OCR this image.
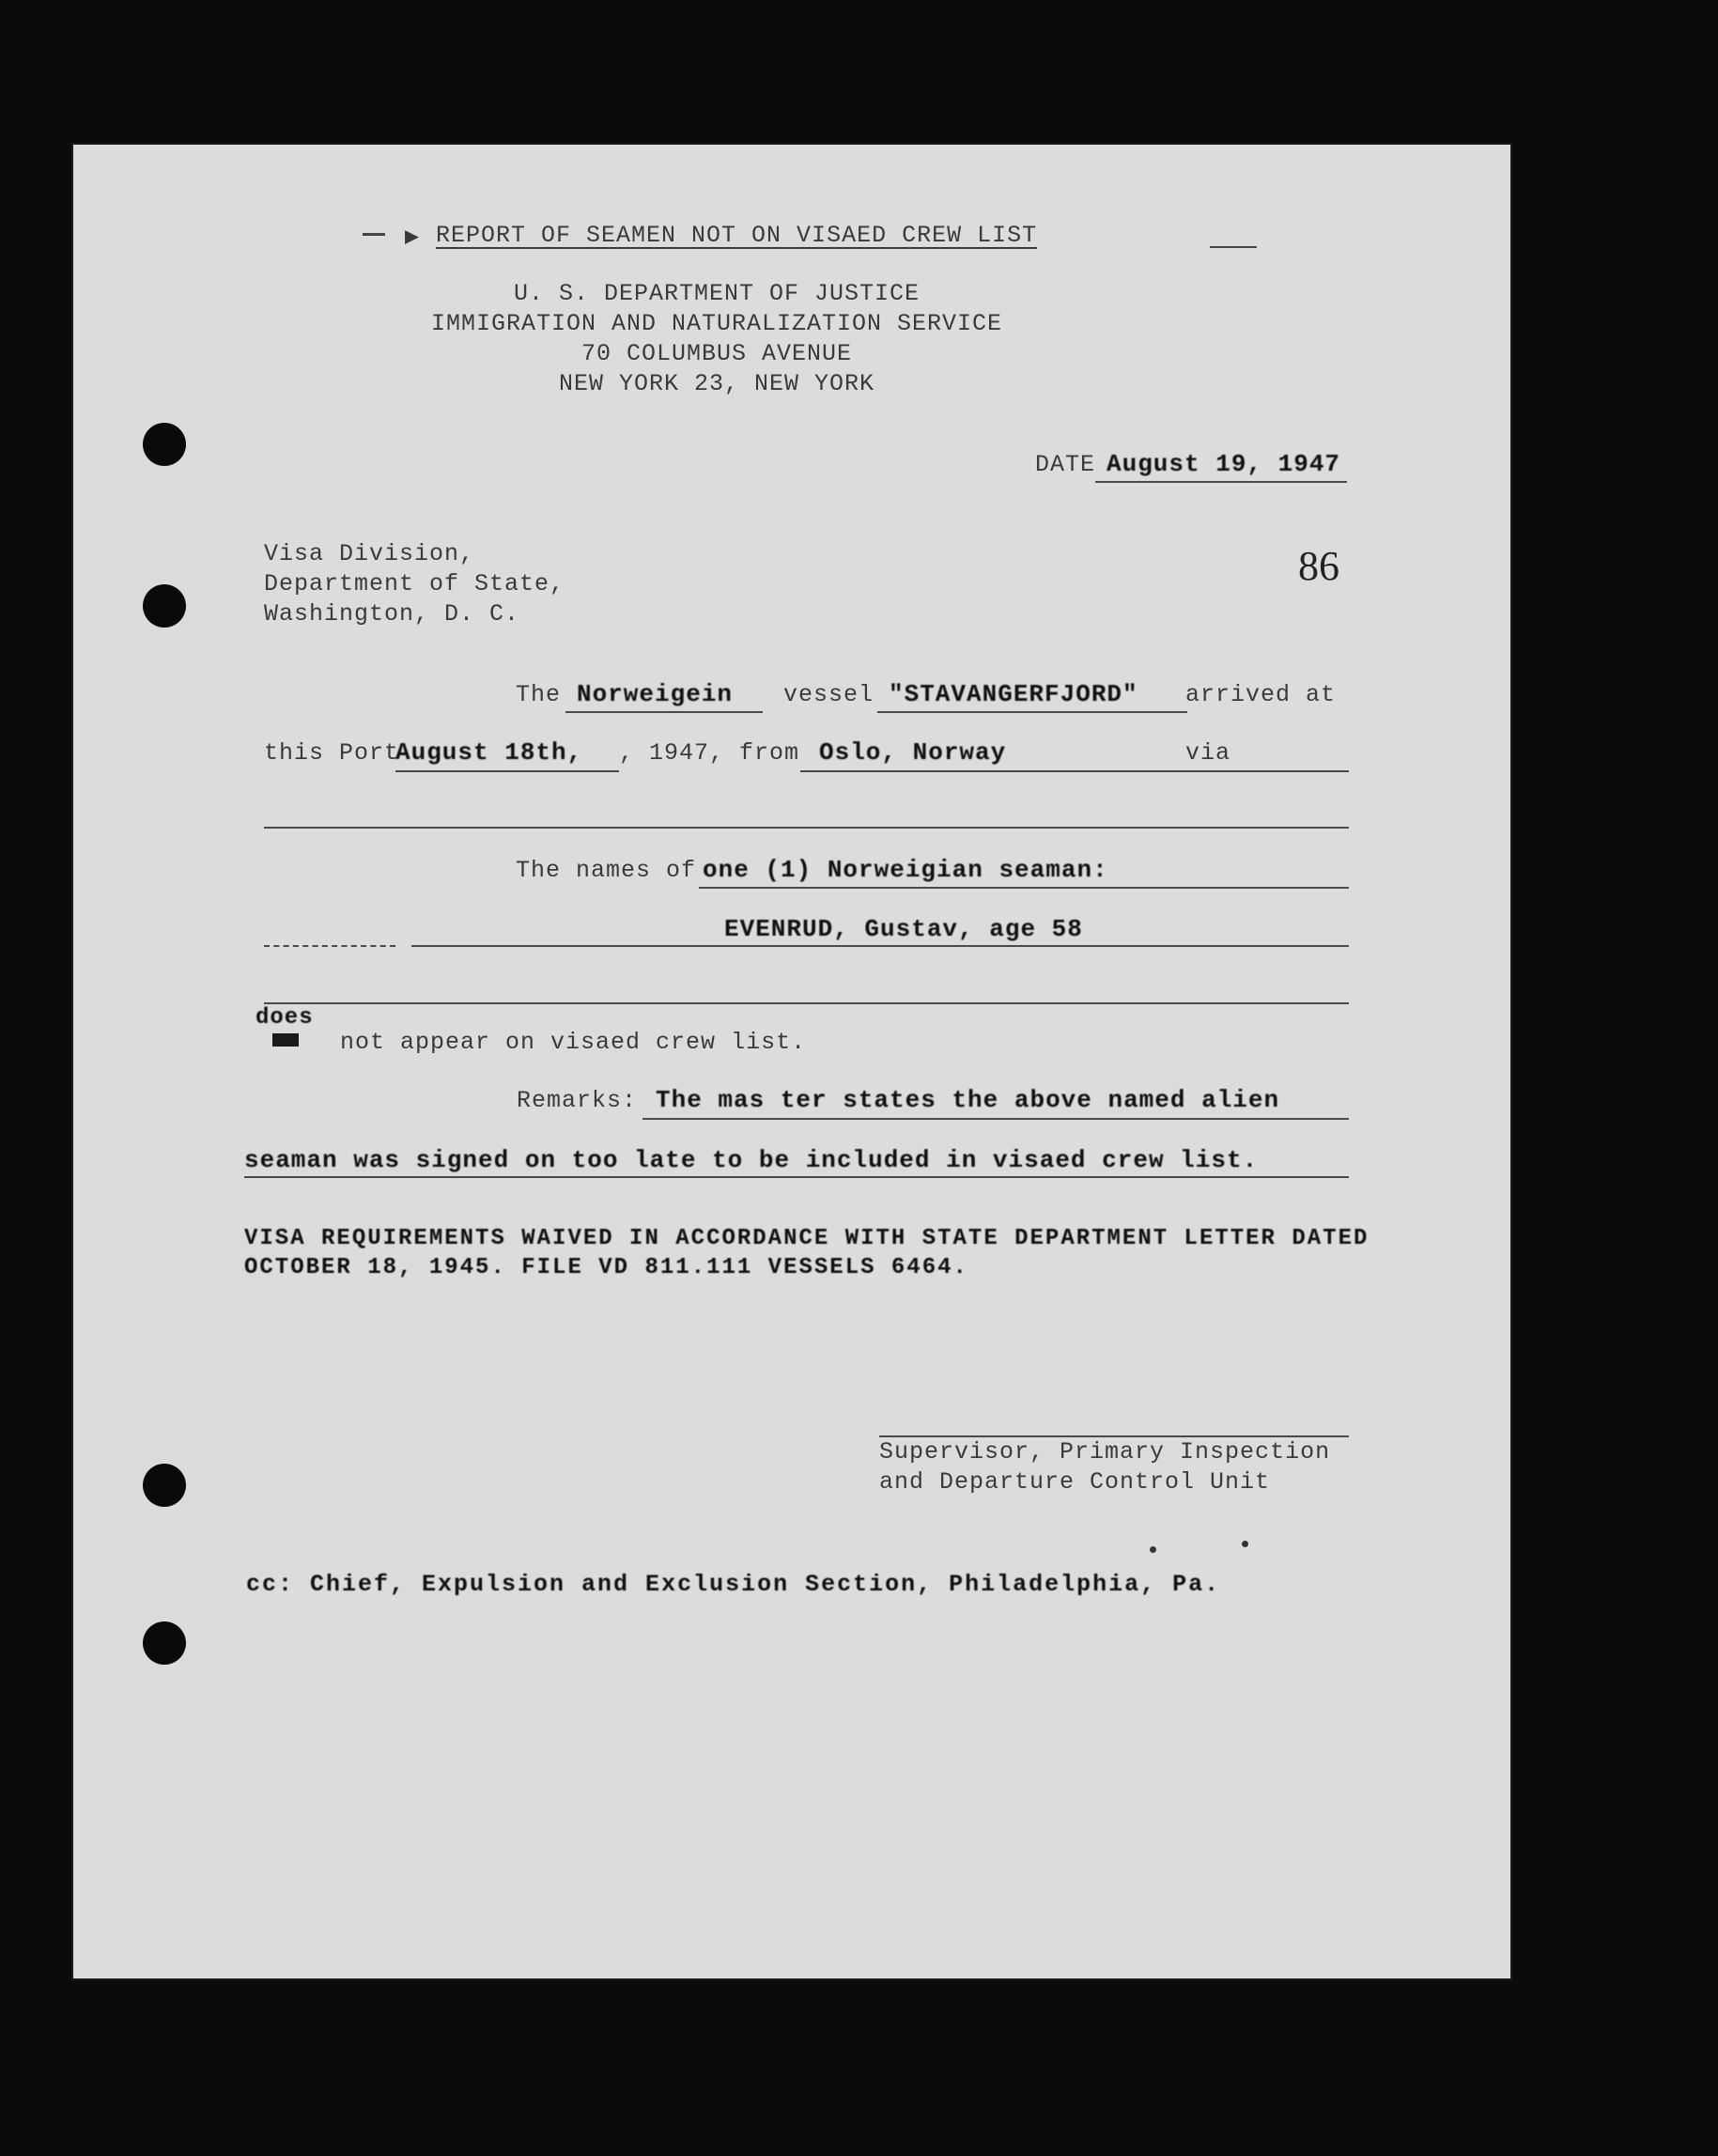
▶ REPORT OF SEAMEN NOT ON VISAED CREW LIST
U. S. DEPARTMENT OF JUSTICE
IMMIGRATION AND NATURALIZATION SERVICE
70 COLUMBUS AVENUE
NEW YORK 23, NEW YORK
DATE August 19, 1947
86
Visa Division,
Department of State,
Washington, D. C.
The Norweigein vessel "STAVANGERFJORD" arrived at
this Port
August 18th, , 1947, from Oslo, Norway	via
The names of one (1) Norweigian seaman:
EVENRUD, Gustav, age 58
does
not appear on visaed crew list.
Remarks: The mas ter states the above named alien
seaman was signed on too late to be included in visaed crew list.
VISA REQUIREMENTS WAIVED IN ACCORDANCE WITH STATE DEPARTMENT LETTER DATED
OCTOBER 18, 1945. FILE VD 811.111 VESSELS 6464.
Supervisor, Primary Inspection
and Departure Control Unit
cc: Chief, Expulsion and Exclusion Section, Philadelphia, Pa.
